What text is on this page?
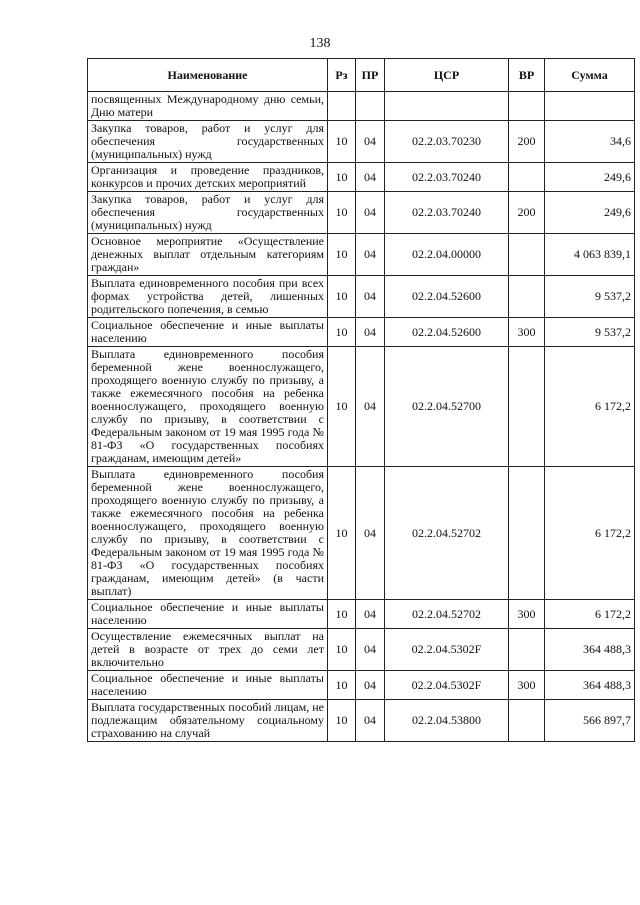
138
Наименование	Рз	ПР	ЦСР	ВР	Сумма
посвященных Международному дню семьи, Дню матери					
Закупка товаров, работ и услуг для обеспечения государственных (муниципальных) нужд	10	04	02.2.03.70230	200	34,6
Организация и проведение праздников, конкурсов и прочих детских мероприятий	10	04	02.2.03.70240		249,6
Закупка товаров, работ и услуг для обеспечения государственных (муниципальных) нужд	10	04	02.2.03.70240	200	249,6
Основное мероприятие «Осуществление денежных выплат отдельным категориям граждан»	10	04	02.2.04.00000		4 063 839,1
Выплата единовременного пособия при всех формах устройства детей, лишенных родительского попечения, в семью	10	04	02.2.04.52600		9 537,2
Социальное обеспечение и иные выплаты населению	10	04	02.2.04.52600	300	9 537,2
Выплата единовременного пособия беременной жене военнослужащего, проходящего военную службу по призыву, а также ежемесячного пособия на ребенка военнослужащего, проходящего военную службу по призыву, в соответствии с Федеральным законом от 19 мая 1995 года № 81-ФЗ «О государственных пособиях гражданам, имеющим детей»	10	04	02.2.04.52700		6 172,2
Выплата единовременного пособия беременной жене военнослужащего, проходящего военную службу по призыву, а также ежемесячного пособия на ребенка военнослужащего, проходящего военную службу по призыву, в соответствии с Федеральным законом от 19 мая 1995 года № 81-ФЗ «О государственных пособиях гражданам, имеющим детей» (в части выплат)	10	04	02.2.04.52702		6 172,2
Социальное обеспечение и иные выплаты населению	10	04	02.2.04.52702	300	6 172,2
Осуществление ежемесячных выплат на детей в возрасте от трех до семи лет включительно	10	04	02.2.04.5302F		364 488,3
Социальное обеспечение и иные выплаты населению	10	04	02.2.04.5302F	300	364 488,3
Выплата государственных пособий лицам, не подлежащим обязательному социальному страхованию на случай	10	04	02.2.04.53800		566 897,7
